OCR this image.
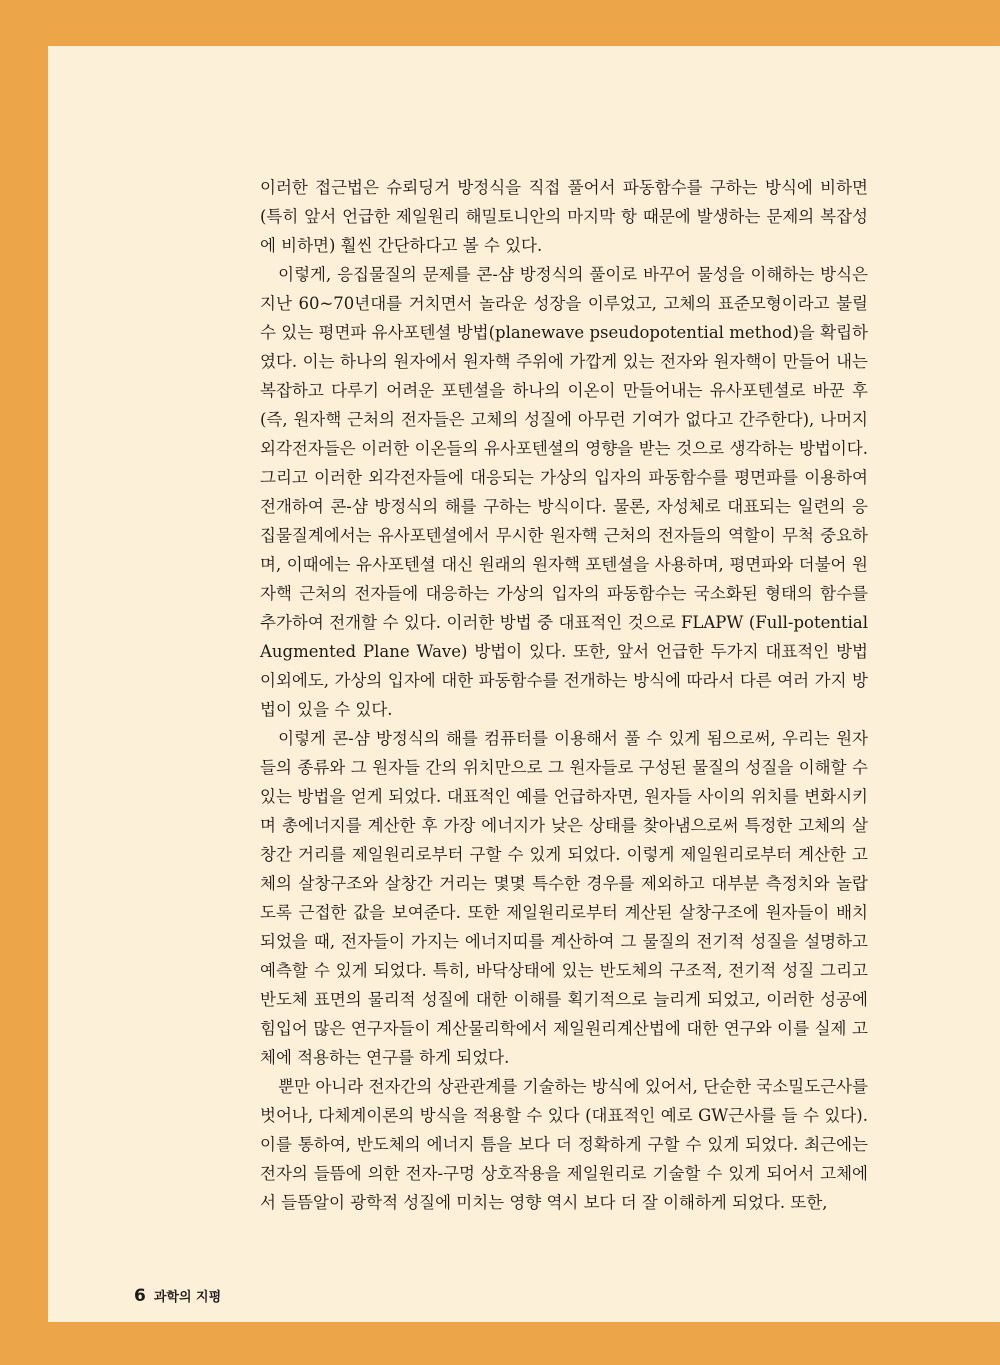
이러한 접근법은 슈뢰딩거 방정식을 직접 풀어서 파동함수를 구하는 방식에 비하면 (특히 앞서 언급한 제일원리 해밀토니안의 마지막 항 때문에 발생하는 문제의 복잡성에 비하면) 훨씬 간단하다고 볼 수 있다.

이렇게, 응집물질의 문제를 콘-샴 방정식의 풀이로 바꾸어 물성을 이해하는 방식은 지난 60~70년대를 거치면서 놀라운 성장을 이루었고, 고체의 표준모형이라고 불릴 수 있는 평면파 유사포텐셜 방법(planewave pseudopotential method)을 확립하였다. 이는 하나의 원자에서 원자핵 주위에 가깝게 있는 전자와 원자핵이 만들어 내는 복잡하고 다루기 어려운 포텐셜을 하나의 이온이 만들어내는 유사포텐셜로 바꾼 후 (즉, 원자핵 근처의 전자들은 고체의 성질에 아무런 기여가 없다고 간주한다), 나머지 외각전자들은 이러한 이온들의 유사포텐셜의 영향을 받는 것으로 생각하는 방법이다. 그리고 이러한 외각전자들에 대응되는 가상의 입자의 파동함수를 평면파를 이용하여 전개하여 콘-샴 방정식의 해를 구하는 방식이다. 물론, 자성체로 대표되는 일련의 응집물질계에서는 유사포텐셜에서 무시한 원자핵 근처의 전자들의 역할이 무척 중요하며, 이때에는 유사포텐셜 대신 원래의 원자핵 포텐셜을 사용하며, 평면파와 더불어 원자핵 근처의 전자들에 대응하는 가상의 입자의 파동함수는 국소화된 형태의 함수를 추가하여 전개할 수 있다. 이러한 방법 중 대표적인 것으로 FLAPW (Full-potential Augmented Plane Wave) 방법이 있다. 또한, 앞서 언급한 두가지 대표적인 방법 이외에도, 가상의 입자에 대한 파동함수를 전개하는 방식에 따라서 다른 여러 가지 방법이 있을 수 있다.

이렇게 콘-샴 방정식의 해를 컴퓨터를 이용해서 풀 수 있게 됨으로써, 우리는 원자들의 종류와 그 원자들 간의 위치만으로 그 원자들로 구성된 물질의 성질을 이해할 수 있는 방법을 얻게 되었다. 대표적인 예를 언급하자면, 원자들 사이의 위치를 변화시키며 총에너지를 계산한 후 가장 에너지가 낮은 상태를 찾아냄으로써 특정한 고체의 살창간 거리를 제일원리로부터 구할 수 있게 되었다. 이렇게 제일원리로부터 계산한 고체의 살창구조와 살창간 거리는 몇몇 특수한 경우를 제외하고 대부분 측정치와 놀랍도록 근접한 값을 보여준다. 또한 제일원리로부터 계산된 살창구조에 원자들이 배치되었을 때, 전자들이 가지는 에너지띠를 계산하여 그 물질의 전기적 성질을 설명하고 예측할 수 있게 되었다. 특히, 바닥상태에 있는 반도체의 구조적, 전기적 성질 그리고 반도체 표면의 물리적 성질에 대한 이해를 획기적으로 늘리게 되었고, 이러한 성공에 힘입어 많은 연구자들이 계산물리학에서 제일원리계산법에 대한 연구와 이를 실제 고체에 적용하는 연구를 하게 되었다.

뿐만 아니라 전자간의 상관관계를 기술하는 방식에 있어서, 단순한 국소밀도근사를 벗어나, 다체계이론의 방식을 적용할 수 있다 (대표적인 예로 GW근사를 들 수 있다). 이를 통하여, 반도체의 에너지 틈을 보다 더 정확하게 구할 수 있게 되었다. 최근에는 전자의 들뜸에 의한 전자-구멍 상호작용을 제일원리로 기술할 수 있게 되어서 고체에서 들뜸알이 광학적 성질에 미치는 영향 역시 보다 더 잘 이해하게 되었다. 또한,

6 과학의 지평
